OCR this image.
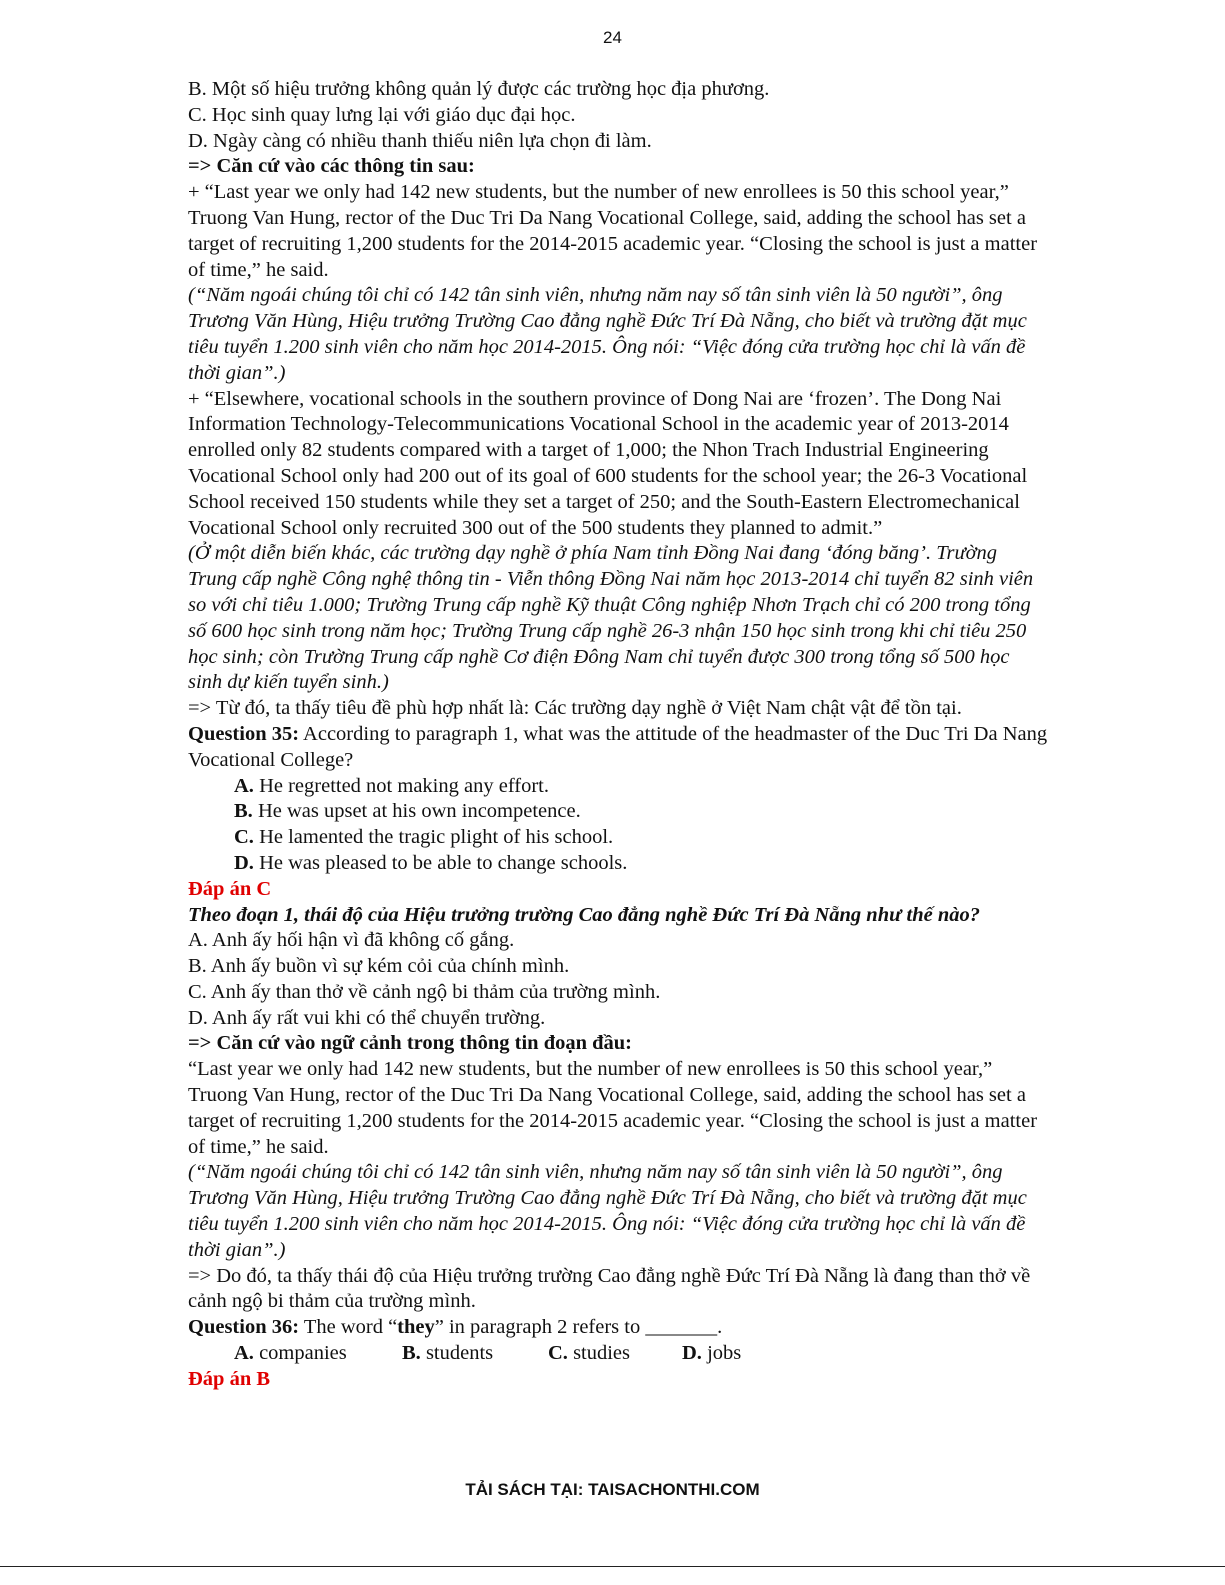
24

B. Một số hiệu trưởng không quản lý được các trường học địa phương.

C. Học sinh quay lưng lại với giáo dục đại học.

D. Ngày càng có nhiều thanh thiếu niên lựa chọn đi làm.

=> Căn cứ vào các thông tin sau:

+ “Last year we only had 142 new students, but the number of new enrollees is 50 this school year,” Truong Van Hung, rector of the Duc Tri Da Nang Vocational College, said, adding the school has set a target of recruiting 1,200 students for the 2014-2015 academic year. “Closing the school is just a matter of time,” he said.

(“Năm ngoái chúng tôi chỉ có 142 tân sinh viên, nhưng năm nay số tân sinh viên là 50 người”, ông Trương Văn Hùng, Hiệu trưởng Trường Cao đẳng nghề Đức Trí Đà Nẵng, cho biết và trường đặt mục tiêu tuyển 1.200 sinh viên cho năm học 2014-2015. Ông nói: “Việc đóng cửa trường học chỉ là vấn đề thời gian”.)

+ “Elsewhere, vocational schools in the southern province of Dong Nai are ‘frozen’. The Dong Nai Information Technology-Telecommunications Vocational School in the academic year of 2013-2014 enrolled only 82 students compared with a target of 1,000; the Nhon Trach Industrial Engineering Vocational School only had 200 out of its goal of 600 students for the school year; the 26-3 Vocational School received 150 students while they set a target of 250; and the South-Eastern Electromechanical Vocational School only recruited 300 out of the 500 students they planned to admit.”

(Ở một diễn biến khác, các trường dạy nghề ở phía Nam tỉnh Đồng Nai đang ‘đóng băng’. Trường Trung cấp nghề Công nghệ thông tin - Viễn thông Đồng Nai năm học 2013-2014 chỉ tuyển 82 sinh viên so với chỉ tiêu 1.000; Trường Trung cấp nghề Kỹ thuật Công nghiệp Nhơn Trạch chỉ có 200 trong tổng số 600 học sinh trong năm học; Trường Trung cấp nghề 26-3 nhận 150 học sinh trong khi chỉ tiêu 250 học sinh; còn Trường Trung cấp nghề Cơ điện Đông Nam chỉ tuyển được 300 trong tổng số 500 học sinh dự kiến tuyển sinh.)

=> Từ đó, ta thấy tiêu đề phù hợp nhất là: Các trường dạy nghề ở Việt Nam chật vật để tồn tại.

Question 35: According to paragraph 1, what was the attitude of the headmaster of the Duc Tri Da Nang Vocational College?

A. He regretted not making any effort.

B. He was upset at his own incompetence.

C. He lamented the tragic plight of his school.

D. He was pleased to be able to change schools.

Đáp án C

Theo đoạn 1, thái độ của Hiệu trưởng trường Cao đẳng nghề Đức Trí Đà Nẵng như thế nào?

A. Anh ấy hối hận vì đã không cố gắng.

B. Anh ấy buồn vì sự kém cỏi của chính mình.

C. Anh ấy than thở về cảnh ngộ bi thảm của trường mình.

D. Anh ấy rất vui khi có thể chuyển trường.

=> Căn cứ vào ngữ cảnh trong thông tin đoạn đầu:

“Last year we only had 142 new students, but the number of new enrollees is 50 this school year,” Truong Van Hung, rector of the Duc Tri Da Nang Vocational College, said, adding the school has set a target of recruiting 1,200 students for the 2014-2015 academic year. “Closing the school is just a matter of time,” he said.

(“Năm ngoái chúng tôi chỉ có 142 tân sinh viên, nhưng năm nay số tân sinh viên là 50 người”, ông Trương Văn Hùng, Hiệu trưởng Trường Cao đẳng nghề Đức Trí Đà Nẵng, cho biết và trường đặt mục tiêu tuyển 1.200 sinh viên cho năm học 2014-2015. Ông nói: “Việc đóng cửa trường học chỉ là vấn đề thời gian”.)

=> Do đó, ta thấy thái độ của Hiệu trưởng trường Cao đẳng nghề Đức Trí Đà Nẵng là đang than thở về cảnh ngộ bi thảm của trường mình.

Question 36: The word “they” in paragraph 2 refers to _______.

A. companies	B. students	C. studies	D. jobs

Đáp án B

TẢI SÁCH TẠI: TAISACHONTHI.COM
